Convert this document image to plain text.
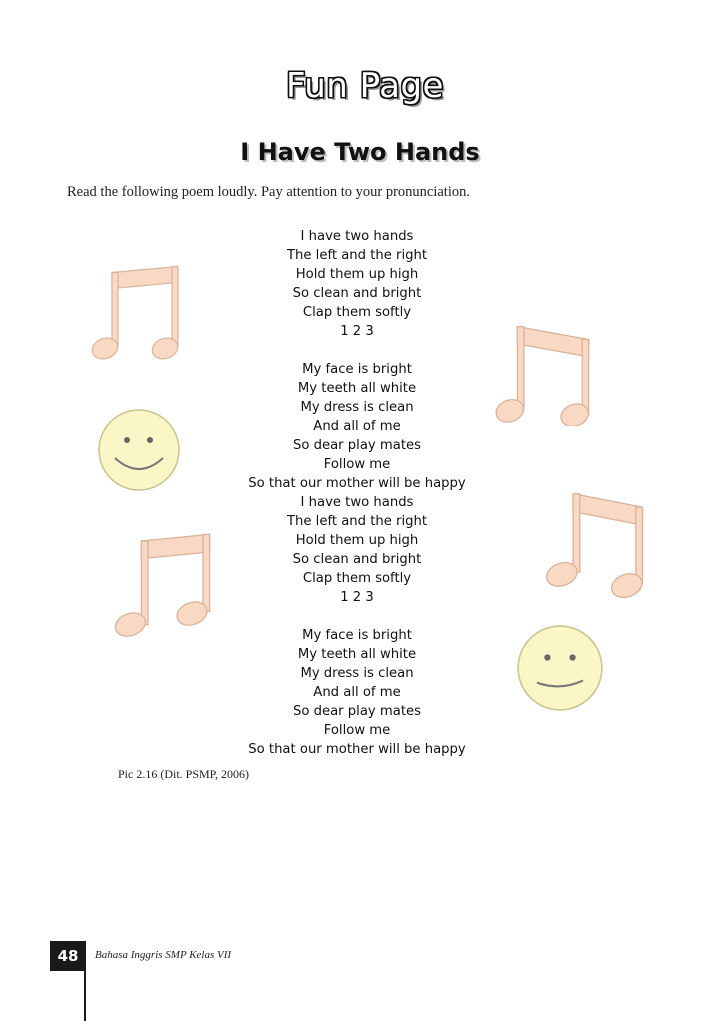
Fun Page
I Have Two Hands

Read the following poem loudly. Pay attention to your pronunciation.

I have two hands
The left and the right
Hold them up high
So clean and bright
Clap them softly
1 2 3
My face is bright
My teeth all white
My dress is clean
And all of me
So dear play mates
Follow me
So that our mother will be happy
I have two hands
The left and the right
Hold them up high
So clean and bright
Clap them softly
1 2 3
My face is bright
My teeth all white
My dress is clean
And all of me
So dear play mates
Follow me
So that our mother will be happy

Pic 2.16 (Dit. PSMP, 2006)

48	Bahasa Inggris SMP Kelas VII
